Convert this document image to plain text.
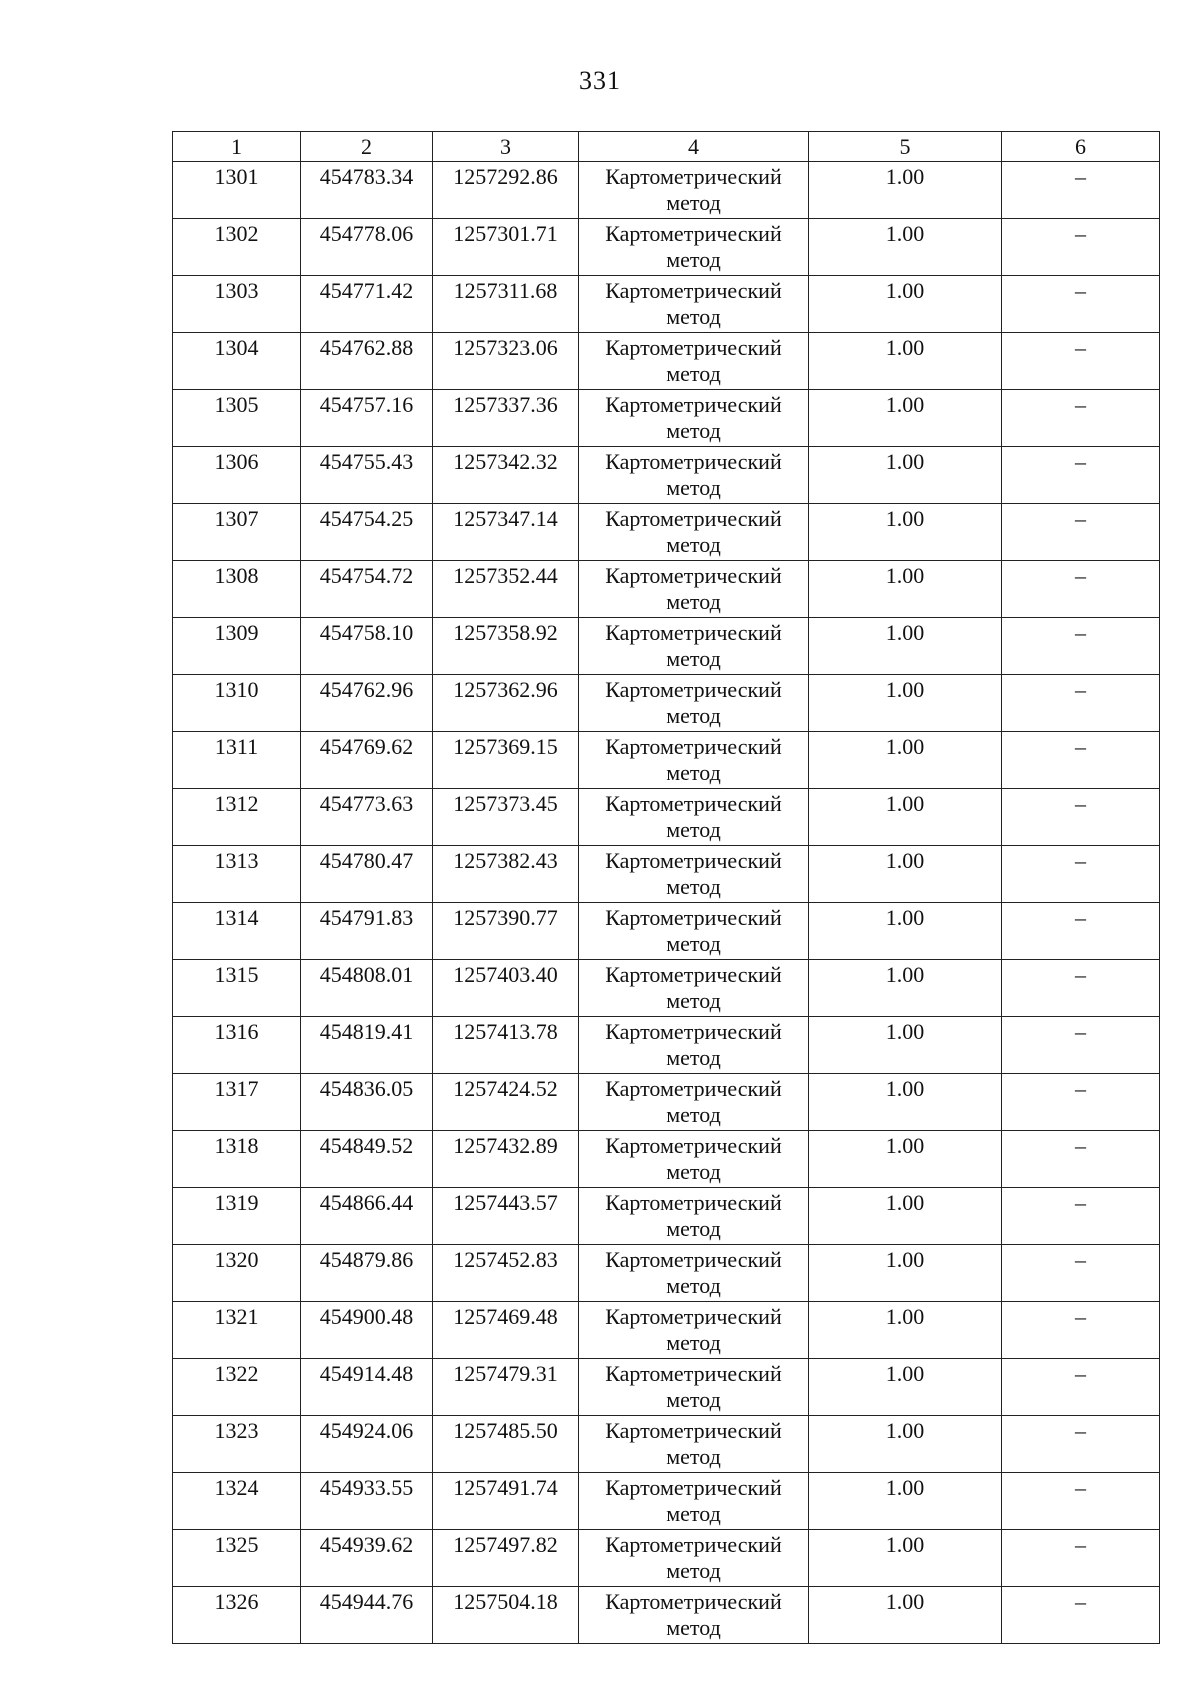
331
1	2	3	4	5	6
1301	454783.34	1257292.86	Картометрический метод	1.00	–
1302	454778.06	1257301.71	Картометрический метод	1.00	–
1303	454771.42	1257311.68	Картометрический метод	1.00	–
1304	454762.88	1257323.06	Картометрический метод	1.00	–
1305	454757.16	1257337.36	Картометрический метод	1.00	–
1306	454755.43	1257342.32	Картометрический метод	1.00	–
1307	454754.25	1257347.14	Картометрический метод	1.00	–
1308	454754.72	1257352.44	Картометрический метод	1.00	–
1309	454758.10	1257358.92	Картометрический метод	1.00	–
1310	454762.96	1257362.96	Картометрический метод	1.00	–
1311	454769.62	1257369.15	Картометрический метод	1.00	–
1312	454773.63	1257373.45	Картометрический метод	1.00	–
1313	454780.47	1257382.43	Картометрический метод	1.00	–
1314	454791.83	1257390.77	Картометрический метод	1.00	–
1315	454808.01	1257403.40	Картометрический метод	1.00	–
1316	454819.41	1257413.78	Картометрический метод	1.00	–
1317	454836.05	1257424.52	Картометрический метод	1.00	–
1318	454849.52	1257432.89	Картометрический метод	1.00	–
1319	454866.44	1257443.57	Картометрический метод	1.00	–
1320	454879.86	1257452.83	Картометрический метод	1.00	–
1321	454900.48	1257469.48	Картометрический метод	1.00	–
1322	454914.48	1257479.31	Картометрический метод	1.00	–
1323	454924.06	1257485.50	Картометрический метод	1.00	–
1324	454933.55	1257491.74	Картометрический метод	1.00	–
1325	454939.62	1257497.82	Картометрический метод	1.00	–
1326	454944.76	1257504.18	Картометрический метод	1.00	–
